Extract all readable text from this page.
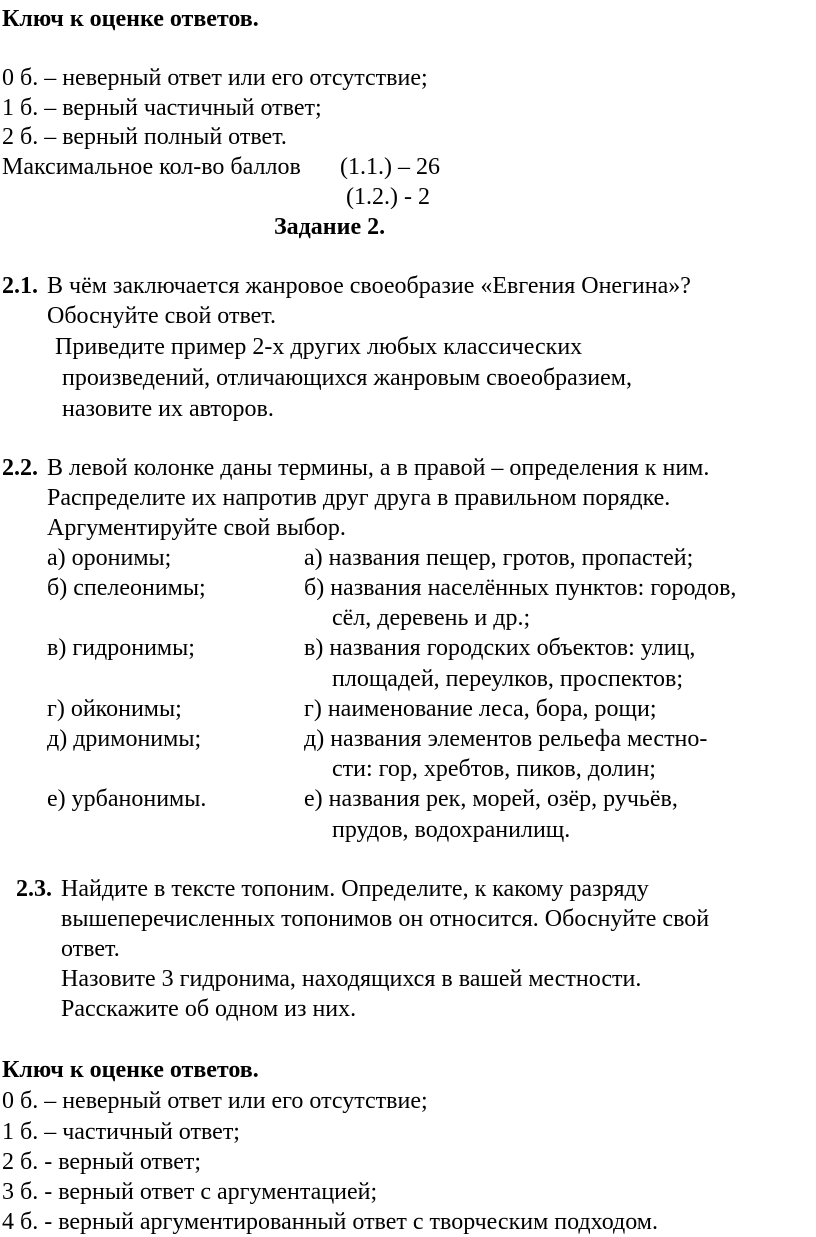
Ключ к оценке ответов.
0 б. – неверный ответ или его отсутствие;
1 б. – верный частичный ответ;
2 б. – верный полный ответ.
Максимальное кол-во баллов (1.1.) – 26
(1.2.) - 2
Задание 2.
2.1. В чём заключается жанровое своеобразие «Евгения Онегина»?
Обоснуйте свой ответ.
Приведите пример 2-х других любых классических
произведений, отличающихся жанровым своеобразием,
назовите их авторов.
2.2. В левой колонке даны термины, а в правой – определения к ним.
Распределите их напротив друг друга в правильном порядке.
Аргументируйте свой выбор.
а) оронимы;
б) спелеонимы;
в) гидронимы;
г) ойконимы;
д) дримонимы;
е) урбанонимы.
а) названия пещер, гротов, пропастей;
б) названия населённых пунктов: городов,
сёл, деревень и др.;
в) названия городских объектов: улиц,
площадей, переулков, проспектов;
г) наименование леса, бора, рощи;
д) названия элементов рельефа местно-
сти: гор, хребтов, пиков, долин;
е) названия рек, морей, озёр, ручьёв,
прудов, водохранилищ.
2.3. Найдите в тексте топоним. Определите, к какому разряду
вышеперечисленных топонимов он относится. Обоснуйте свой
ответ.
Назовите 3 гидронима, находящихся в вашей местности.
Расскажите об одном из них.
Ключ к оценке ответов.
0 б. – неверный ответ или его отсутствие;
1 б. – частичный ответ;
2 б. - верный ответ;
3 б. - верный ответ с аргументацией;
4 б. - верный аргументированный ответ с творческим подходом.
